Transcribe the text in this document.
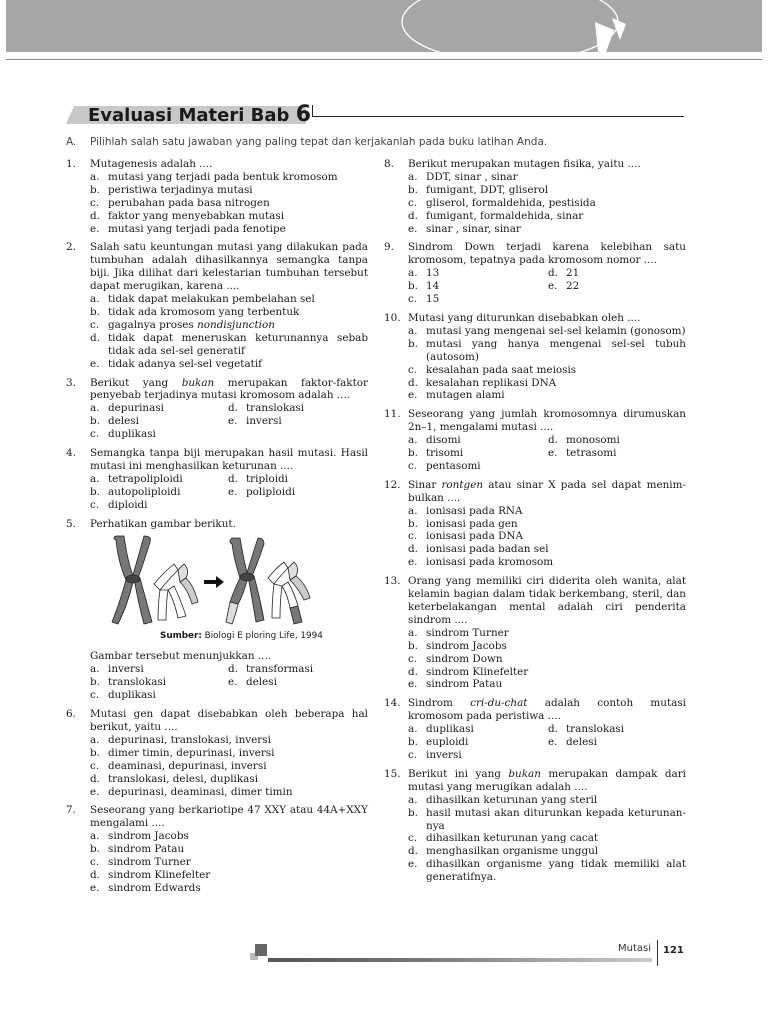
Evaluasi Materi Bab 6
A. Pilihlah salah satu jawaban yang paling tepat dan kerjakanlah pada buku latihan Anda.
1. Mutagenesis adalah ....
a. mutasi yang terjadi pada bentuk kromosom
b. peristiwa terjadinya mutasi
c. perubahan pada basa nitrogen
d. faktor yang menyebabkan mutasi
e. mutasi yang terjadi pada fenotipe
2. Salah satu keuntungan mutasi yang dilakukan pada tumbuhan adalah dihasilkannya semangka tanpa biji. Jika dilihat dari kelestarian tumbuhan tersebut dapat merugikan, karena ....
a. tidak dapat melakukan pembelahan sel
b. tidak ada kromosom yang terbentuk
c. gagalnya proses nondisjunction
d. tidak dapat meneruskan keturunannya sebab tidak ada sel-sel generatif
e. tidak adanya sel-sel vegetatif
3. Berikut yang bukan merupakan faktor-faktor penyebab terjadinya mutasi kromosom adalah ....
a. depurinasi	d. translokasi
b. delesi	e. inversi
c. duplikasi
4. Semangka tanpa biji merupakan hasil mutasi. Hasil mutasi ini menghasilkan keturunan ....
a. tetrapoliploidi	d. triploidi
b. autopoliploidi	e. poliploidi
c. diploidi
5. Perhatikan gambar berikut.
Sumber: Biologi E ploring Life, 1994
Gambar tersebut menunjukkan ....
a. inversi	d. transformasi
b. translokasi	e. delesi
c. duplikasi
6. Mutasi gen dapat disebabkan oleh beberapa hal berikut, yaitu ....
a. depurinasi, translokasi, inversi
b. dimer timin, depurinasi, inversi
c. deaminasi, depurinasi, inversi
d. translokasi, delesi, duplikasi
e. depurinasi, deaminasi, dimer timin
7. Seseorang yang berkariotipe 47 XXY atau 44A+XXY mengalami ....
a. sindrom Jacobs
b. sindrom Patau
c. sindrom Turner
d. sindrom Klinefelter
e. sindrom Edwards
8. Berikut merupakan mutagen fisika, yaitu ....
a. DDT, sinar , sinar
b. fumigant, DDT, gliserol
c. gliserol, formaldehida, pestisida
d. fumigant, formaldehida, sinar
e. sinar , sinar, sinar
9. Sindrom Down terjadi karena kelebihan satu kromosom, tepatnya pada kromosom nomor ....
a. 13	d. 21
b. 14	e. 22
c. 15
10. Mutasi yang diturunkan disebabkan oleh ....
a. mutasi yang mengenai sel-sel kelamin (gonosom)
b. mutasi yang hanya mengenai sel-sel tubuh (autosom)
c. kesalahan pada saat meiosis
d. kesalahan replikasi DNA
e. mutagen alami
11. Seseorang yang jumlah kromosomnya dirumuskan 2n–1, mengalami mutasi ....
a. disomi	d. monosomi
b. trisomi	e. tetrasomi
c. pentasomi
12. Sinar rontgen atau sinar X pada sel dapat menim-bulkan ....
a. ionisasi pada RNA
b. ionisasi pada gen
c. ionisasi pada DNA
d. ionisasi pada badan sel
e. ionisasi pada kromosom
13. Orang yang memiliki ciri diderita oleh wanita, alat kelamin bagian dalam tidak berkembang, steril, dan keterbelakangan mental adalah ciri penderita sindrom ....
a. sindrom Turner
b. sindrom Jacobs
c. sindrom Down
d. sindrom Klinefelter
e. sindrom Patau
14. Sindrom cri-du-chat adalah contoh mutasi kromosom pada peristiwa ....
a. duplikasi	d. translokasi
b. euploidi	e. delesi
c. inversi
15. Berikut ini yang bukan merupakan dampak dari mutasi yang merugikan adalah ....
a. dihasilkan keturunan yang steril
b. hasil mutasi akan diturunkan kepada keturunan-nya
c. dihasilkan keturunan yang cacat
d. menghasilkan organisme unggul
e. dihasilkan organisme yang tidak memiliki alat generatifnya.
Mutasi 121
